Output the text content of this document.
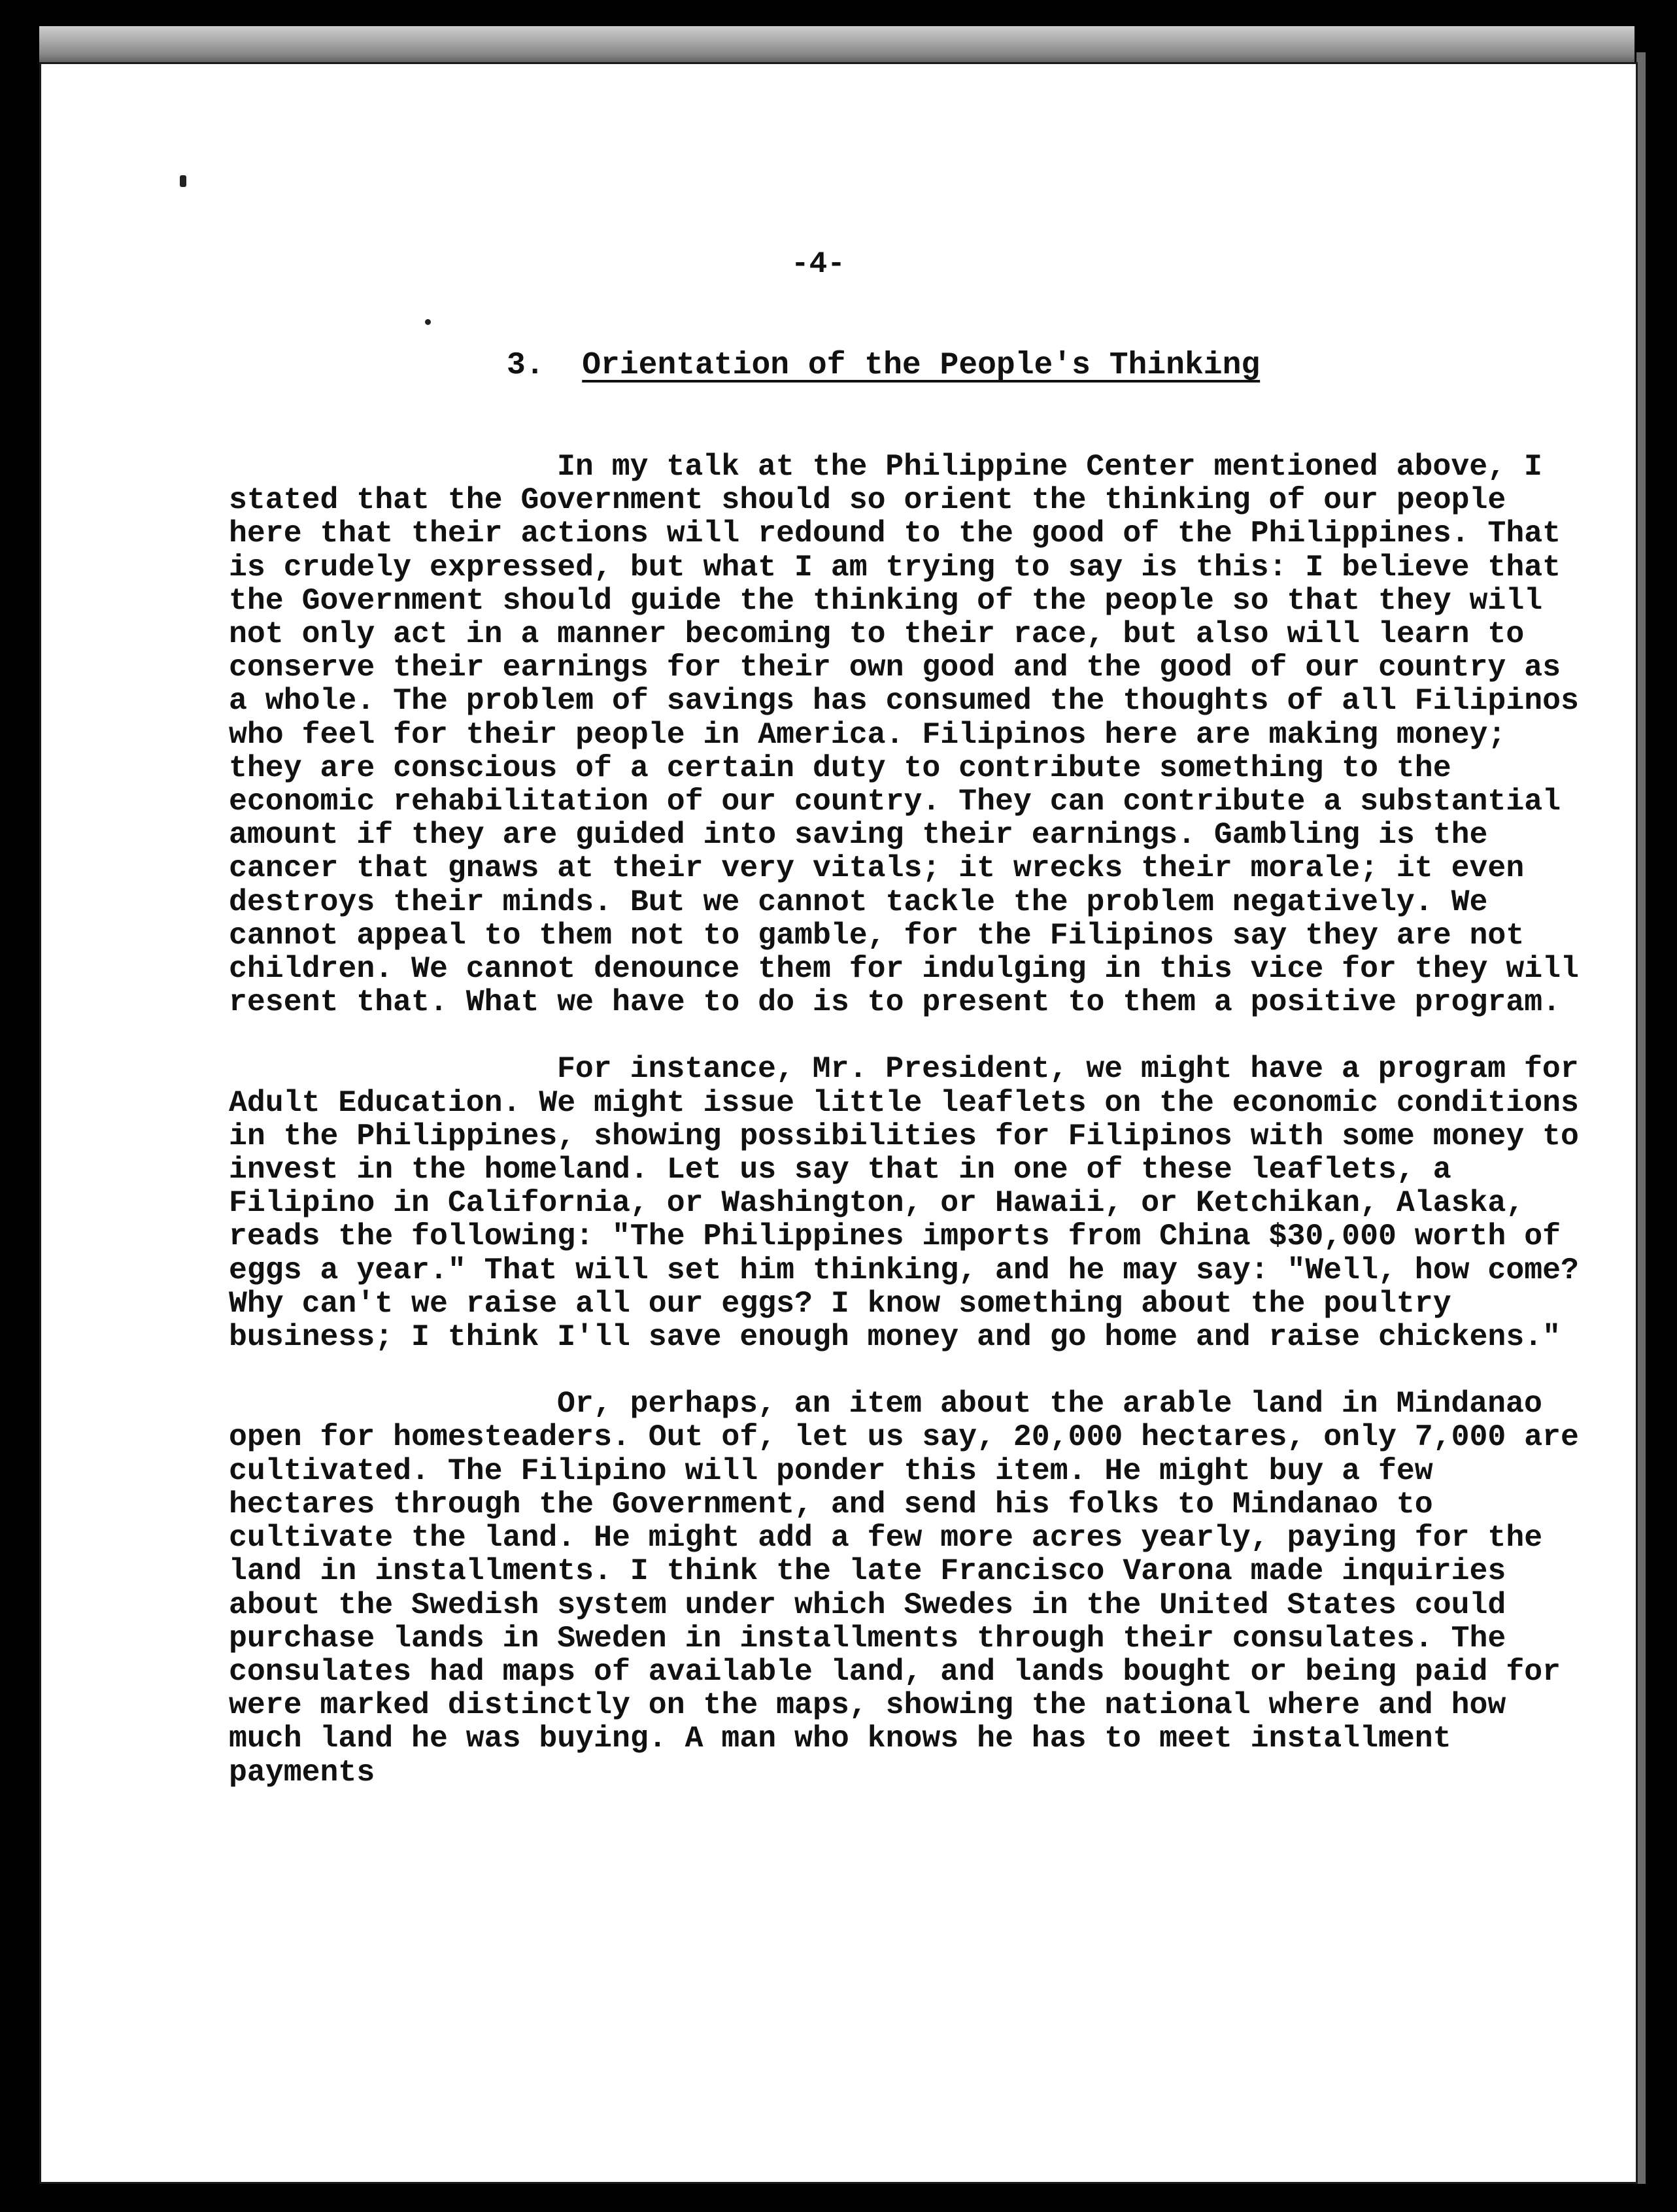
-4-
3. Orientation of the People's Thinking

In my talk at the Philippine Center mentioned above, I stated that the Government should so orient the thinking of our people here that their actions will redound to the good of the Philippines. That is crudely expressed, but what I am trying to say is this: I believe that the Government should guide the thinking of the people so that they will not only act in a manner becoming to their race, but also will learn to conserve their earnings for their own good and the good of our country as a whole. The problem of savings has consumed the thoughts of all Filipinos who feel for their people in America. Filipinos here are making money; they are conscious of a certain duty to contribute something to the economic rehabilitation of our country. They can contribute a substantial amount if they are guided into saving their earnings. Gambling is the cancer that gnaws at their very vitals; it wrecks their morale; it even destroys their minds. But we cannot tackle the problem negatively. We cannot appeal to them not to gamble, for the Filipinos say they are not children. We cannot denounce them for indulging in this vice for they will resent that. What we have to do is to present to them a positive program.

For instance, Mr. President, we might have a program for Adult Education. We might issue little leaflets on the economic conditions in the Philippines, showing possibilities for Filipinos with some money to invest in the homeland. Let us say that in one of these leaflets, a Filipino in California, or Washington, or Hawaii, or Ketchikan, Alaska, reads the following: "The Philippines imports from China $30,000 worth of eggs a year." That will set him thinking, and he may say: "Well, how come? Why can't we raise all our eggs? I know something about the poultry business; I think I'll save enough money and go home and raise chickens."

Or, perhaps, an item about the arable land in Mindanao open for homesteaders. Out of, let us say, 20,000 hectares, only 7,000 are cultivated. The Filipino will ponder this item. He might buy a few hectares through the Government, and send his folks to Mindanao to cultivate the land. He might add a few more acres yearly, paying for the land in installments. I think the late Francisco Varona made inquiries about the Swedish system under which Swedes in the United States could purchase lands in Sweden in installments through their consulates. The consulates had maps of available land, and lands bought or being paid for were marked distinctly on the maps, showing the national where and how much land he was buying. A man who knows he has to meet installment payments
